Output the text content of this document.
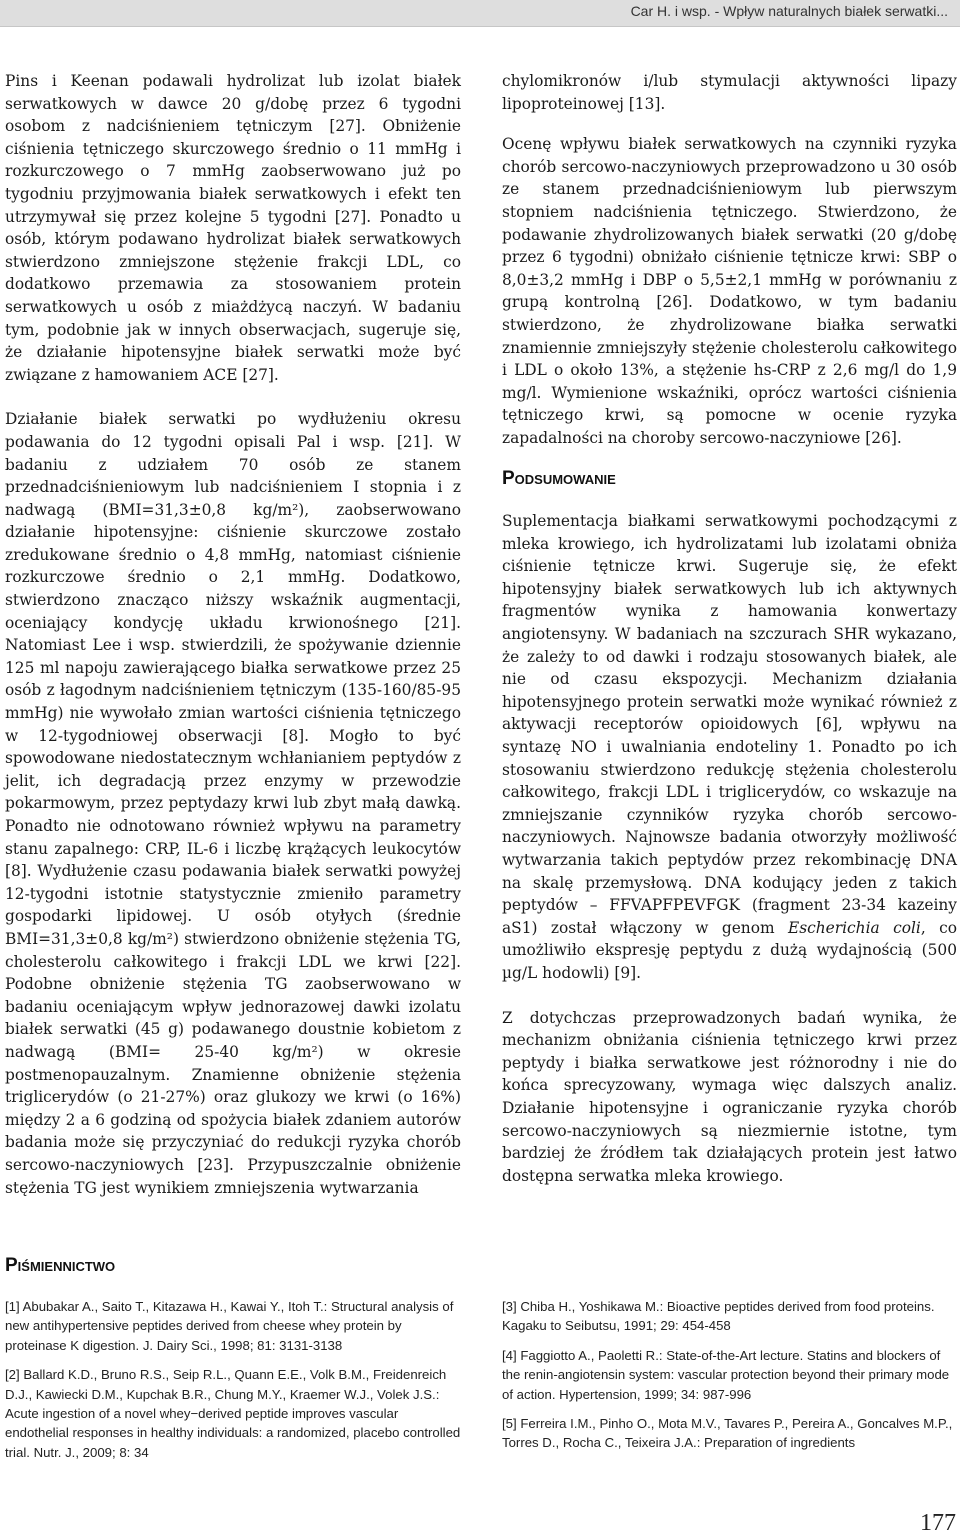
Car H. i wsp. - Wpływ naturalnych białek serwatki...

Pins i Keenan podawali hydrolizat lub izolat białek serwatkowych w dawce 20 g/dobę przez 6 tygodni osobom z nadciśnieniem tętniczym [27]. Obniżenie ciśnienia tętniczego skurczowego średnio o 11 mmHg i rozkurczowego o 7 mmHg zaobserwowano już po tygodniu przyjmowania białek serwatkowych i efekt ten utrzymywał się przez kolejne 5 tygodni [27]. Ponadto u osób, którym podawano hydrolizat białek serwatkowych stwierdzono zmniejszone stężenie frakcji LDL, co dodatkowo przemawia za stosowaniem protein serwatkowych u osób z miażdżycą naczyń. W badaniu tym, podobnie jak w innych obserwacjach, sugeruje się, że działanie hipotensyjne białek serwatki może być związane z hamowaniem ACE [27].

Działanie białek serwatki po wydłużeniu okresu podawania do 12 tygodni opisali Pal i wsp. [21]. W badaniu z udziałem 70 osób ze stanem przednadciśnieniowym lub nadciśnieniem I stopnia i z nadwagą (BMI=31,3±0,8 kg/m²), zaobserwowano działanie hipotensyjne: ciśnienie skurczowe zostało zredukowane średnio o 4,8 mmHg, natomiast ciśnienie rozkurczowe średnio o 2,1 mmHg. Dodatkowo, stwierdzono znacząco niższy wskaźnik augmentacji, oceniający kondycję układu krwionośnego [21]. Natomiast Lee i wsp. stwierdzili, że spożywanie dziennie 125 ml napoju zawierającego białka serwatkowe przez 25 osób z łagodnym nadciśnieniem tętniczym (135-160/85-95 mmHg) nie wywołało zmian wartości ciśnienia tętniczego w 12-tygodniowej obserwacji [8]. Mogło to być spowodowane niedostatecznym wchłanianiem peptydów z jelit, ich degradacją przez enzymy w przewodzie pokarmowym, przez peptydazy krwi lub zbyt małą dawką. Ponadto nie odnotowano również wpływu na parametry stanu zapalnego: CRP, IL-6 i liczbę krążących leukocytów [8]. Wydłużenie czasu podawania białek serwatki powyżej 12-tygodni istotnie statystycznie zmieniło parametry gospodarki lipidowej. U osób otyłych (średnie BMI=31,3±0,8 kg/m²) stwierdzono obniżenie stężenia TG, cholesterolu całkowitego i frakcji LDL we krwi [22]. Podobne obniżenie stężenia TG zaobserwowano w badaniu oceniającym wpływ jednorazowej dawki izolatu białek serwatki (45 g) podawanego doustnie kobietom z nadwagą (BMI= 25-40 kg/m²) w okresie postmenopauzalnym. Znamienne obniżenie stężenia triglicerydów (o 21-27%) oraz glukozy we krwi (o 16%) między 2 a 6 godziną od spożycia białek zdaniem autorów badania może się przyczyniać do redukcji ryzyka chorób sercowo-naczyniowych [23]. Przypuszczalnie obniżenie stężenia TG jest wynikiem zmniejszenia wytwarzania

chylomikronów i/lub stymulacji aktywności lipazy lipoproteinowej [13].

Ocenę wpływu białek serwatkowych na czynniki ryzyka chorób sercowo-naczyniowych przeprowadzono u 30 osób ze stanem przednadciśnieniowym lub pierwszym stopniem nadciśnienia tętniczego. Stwierdzono, że podawanie zhydrolizowanych białek serwatki (20 g/dobę przez 6 tygodni) obniżało ciśnienie tętnicze krwi: SBP o 8,0±3,2 mmHg i DBP o 5,5±2,1 mmHg w porównaniu z grupą kontrolną [26]. Dodatkowo, w tym badaniu stwierdzono, że zhydrolizowane białka serwatki znamiennie zmniejszyły stężenie cholesterolu całkowitego i LDL o około 13%, a stężenie hs-CRP z 2,6 mg/l do 1,9 mg/l. Wymienione wskaźniki, oprócz wartości ciśnienia tętniczego krwi, są pomocne w ocenie ryzyka zapadalności na choroby sercowo-naczyniowe [26].

Podsumowanie

Suplementacja białkami serwatkowymi pochodzącymi z mleka krowiego, ich hydrolizatami lub izolatami obniża ciśnienie tętnicze krwi. Sugeruje się, że efekt hipotensyjny białek serwatkowych lub ich aktywnych fragmentów wynika z hamowania konwertazy angiotensyny. W badaniach na szczurach SHR wykazano, że zależy to od dawki i rodzaju stosowanych białek, ale nie od czasu ekspozycji. Mechanizm działania hipotensyjnego protein serwatki może wynikać również z aktywacji receptorów opioidowych [6], wpływu na syntazę NO i uwalniania endoteliny 1. Ponadto po ich stosowaniu stwierdzono redukcję stężenia cholesterolu całkowitego, frakcji LDL i triglicerydów, co wskazuje na zmniejszanie czynników ryzyka chorób sercowo-naczyniowych. Najnowsze badania otworzyły możliwość wytwarzania takich peptydów przez rekombinację DNA na skalę przemysłową. DNA kodujący jeden z takich peptydów – FFVAPFPEVFGK (fragment 23-34 kazeiny aS1) został włączony w genom Escherichia coli, co umożliwiło ekspresję peptydu z dużą wydajnością (500 µg/L hodowli) [9].

Z dotychczas przeprowadzonych badań wynika, że mechanizm obniżania ciśnienia tętniczego krwi przez peptydy i białka serwatkowe jest różnorodny i nie do końca sprecyzowany, wymaga więc dalszych analiz. Działanie hipotensyjne i ograniczanie ryzyka chorób sercowo-naczyniowych są niezmiernie istotne, tym bardziej że źródłem tak działających protein jest łatwo dostępna serwatka mleka krowiego.

Piśmiennictwo

[1] Abubakar A., Saito T., Kitazawa H., Kawai Y., Itoh T.: Structural analysis of new antihypertensive peptides derived from cheese whey protein by proteinase K digestion. J. Dairy Sci., 1998; 81: 3131-3138

[2] Ballard K.D., Bruno R.S., Seip R.L., Quann E.E., Volk B.M., Freidenreich D.J., Kawiecki D.M., Kupchak B.R., Chung M.Y., Kraemer W.J., Volek J.S.: Acute ingestion of a novel whey−derived peptide improves vascular endothelial responses in healthy individuals: a randomized, placebo controlled trial. Nutr. J., 2009; 8: 34

[3] Chiba H., Yoshikawa M.: Bioactive peptides derived from food proteins. Kagaku to Seibutsu, 1991; 29: 454-458

[4] Faggiotto A., Paoletti R.: State-of-the-Art lecture. Statins and blockers of the renin-angiotensin system: vascular protection beyond their primary mode of action. Hypertension, 1999; 34: 987-996

[5] Ferreira I.M., Pinho O., Mota M.V., Tavares P., Pereira A., Goncalves M.P., Torres D., Rocha C., Teixeira J.A.: Preparation of ingredients

177
